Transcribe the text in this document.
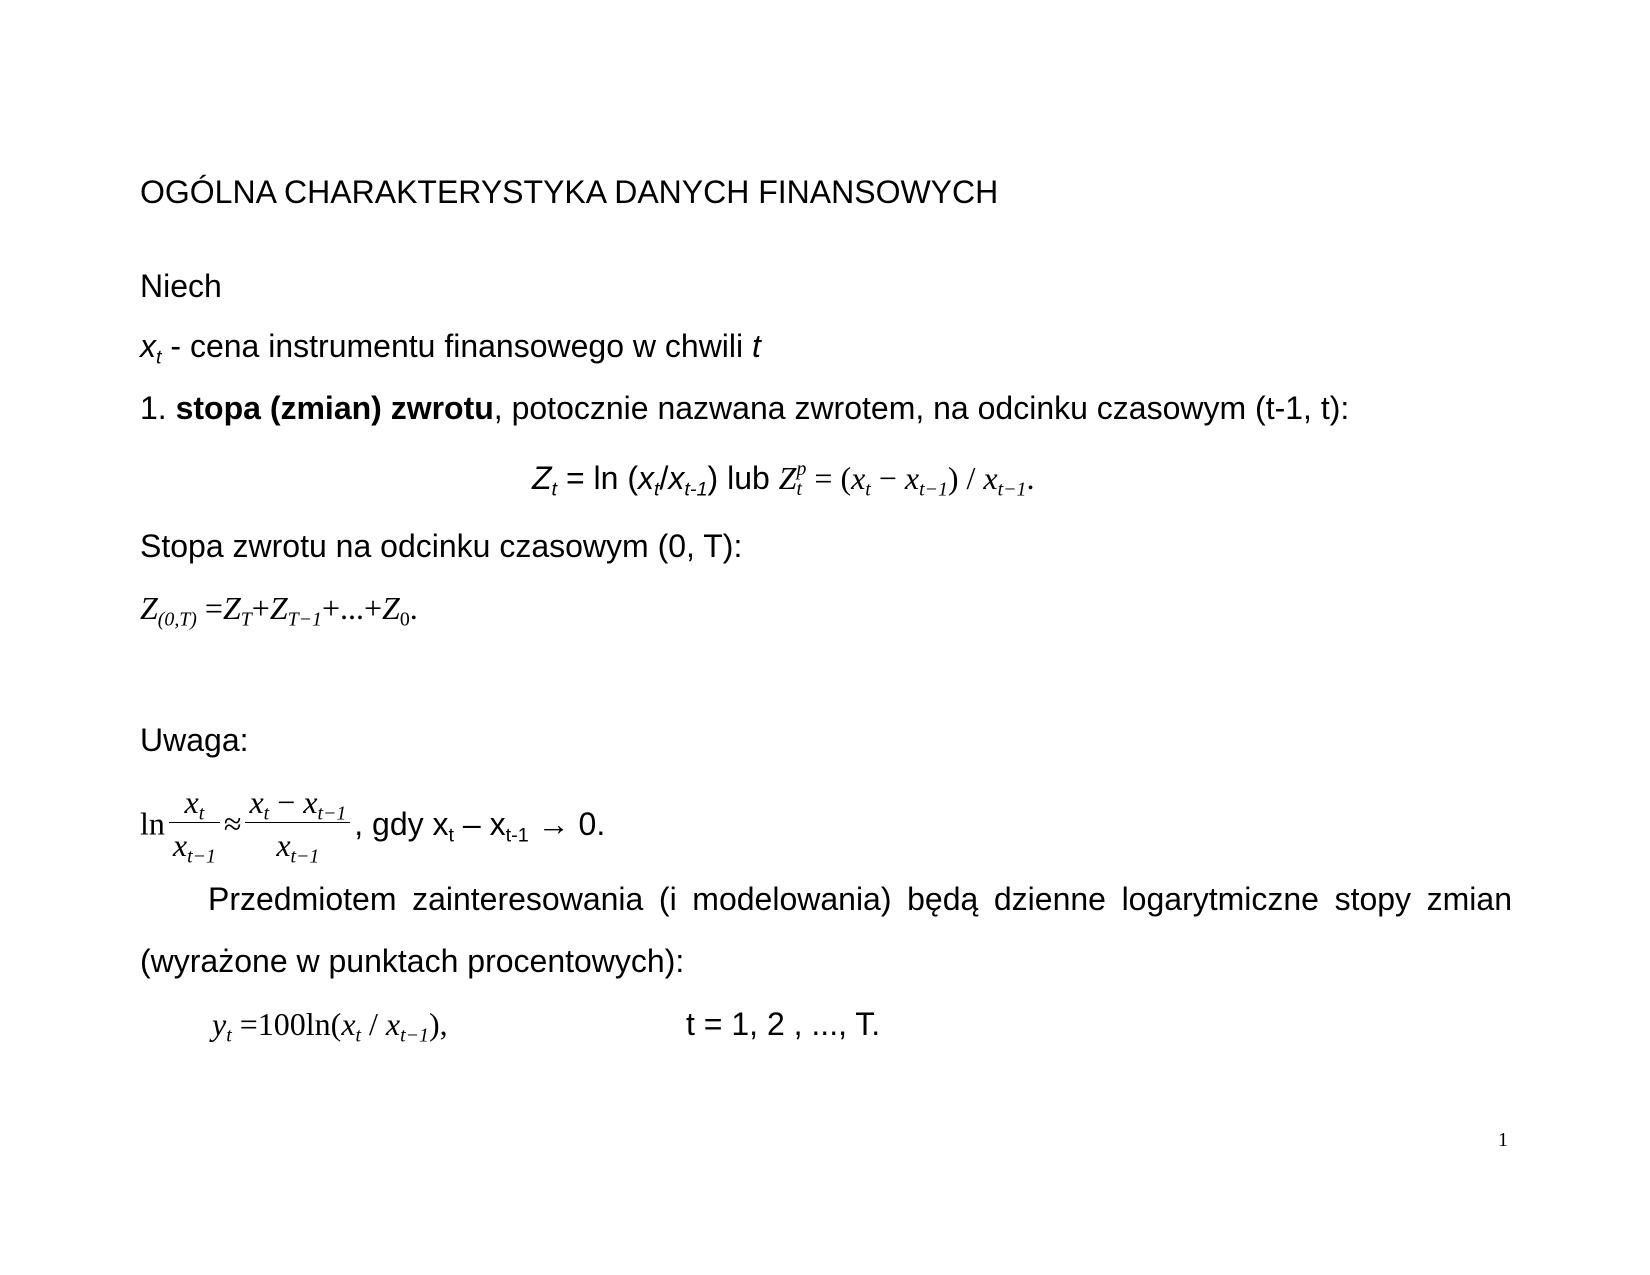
OGÓLNA CHARAKTERYSTYKA DANYCH FINANSOWYCH
Niech
$x_t$ - cena instrumentu finansowego w chwili t
1. stopa (zmian) zwrotu, potocznie nazwana zwrotem, na odcinku czasowym (t-1, t):
$Z_t = \ln (x_t/x_{t-1})$ lub Z p
$t = (x_t - x_{t-1}) / x_{t-1}$.
Stopa zwrotu na odcinku czasowym (0, T):
$Z_{(0,T)} =Z_T+Z_{T-1}+...+Z_0$.
Uwaga:
$\ln \frac{x_t}{x_{t-1}} \approx \frac{x_t - x_{t-1}}{x_{t-1}}$ , gdy $x_t - x_{t-1} \to 0$.
Przedmiotem zainteresowania (i modelowania) będą dzienne logarytmiczne stopy zmian (wyrażone w punktach procentowych):
$y_t =100\ln(x_t / x_{t-1})$,	t = 1, 2 , ..., T.
1
